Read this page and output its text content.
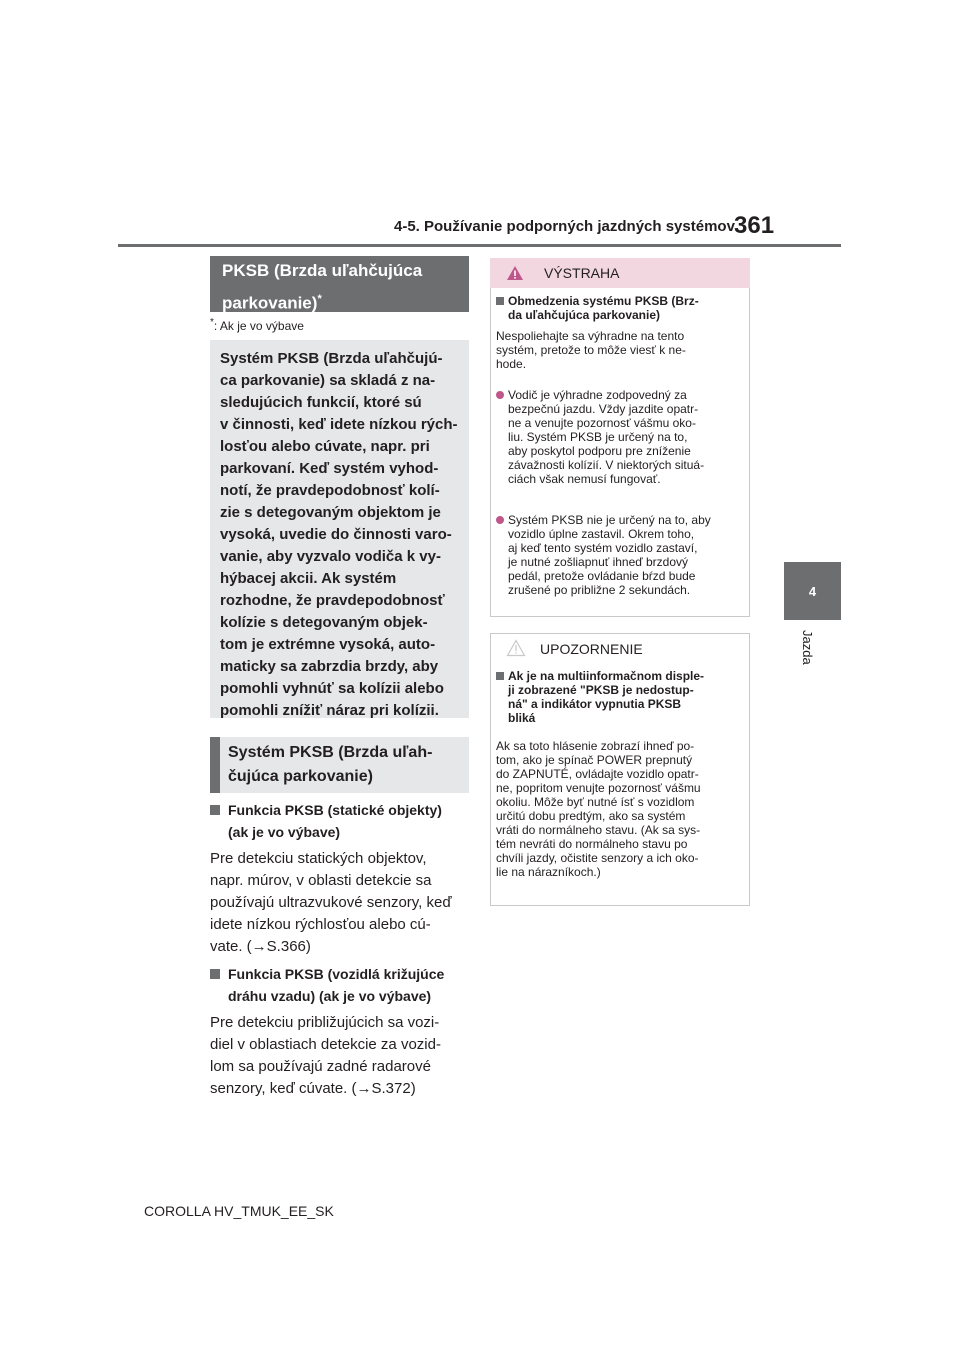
4-5. Používanie podporných jazdných systémov 361
4
Jazda
PKSB (Brzda uľahčujúca
parkovanie)*
*: Ak je vo výbave
Systém PKSB (Brzda uľahčujú-
ca parkovanie) sa skladá z na-
sledujúcich funkcií, ktoré sú
v činnosti, keď idete nízkou rých-
losťou alebo cúvate, napr. pri
parkovaní. Keď systém vyhod-
notí, že pravdepodobnosť kolí-
zie s detegovaným objektom je
vysoká, uvedie do činnosti varo-
vanie, aby vyzvalo vodiča k vy-
hýbacej akcii. Ak systém
rozhodne, že pravdepodobnosť
kolízie s detegovaným objek-
tom je extrémne vysoká, auto-
maticky sa zabrzdia brzdy, aby
pomohli vyhnúť sa kolízii alebo
pomohli znížiť náraz pri kolízii.
Systém PKSB (Brzda uľah-
čujúca parkovanie)
Funkcia PKSB (statické objekty)
(ak je vo výbave)
Pre detekciu statických objektov,
napr. múrov, v oblasti detekcie sa
používajú ultrazvukové senzory, keď
idete nízkou rýchlosťou alebo cú-
vate. (→S.366)
Funkcia PKSB (vozidlá križujúce
dráhu vzadu) (ak je vo výbave)
Pre detekciu približujúcich sa vozi-
diel v oblastiach detekcie za vozid-
lom sa používajú zadné radarové
senzory, keď cúvate. (→S.372)
VÝSTRAHA
Obmedzenia systému PKSB (Brz-
da uľahčujúca parkovanie)
Nespoliehajte sa výhradne na tento
systém, pretože to môže viesť k ne-
hode.
Vodič je výhradne zodpovedný za
bezpečnú jazdu. Vždy jazdite opatr-
ne a venujte pozornosť vášmu oko-
liu. Systém PKSB je určený na to,
aby poskytol podporu pre zníženie
závažnosti kolízií. V niektorých situá-
ciách však nemusí fungovať.
Systém PKSB nie je určený na to, aby
vozidlo úplne zastavil. Okrem toho,
aj keď tento systém vozidlo zastaví,
je nutné zošliapnuť ihneď brzdový
pedál, pretože ovládanie bŕzd bude
zrušené po približne 2 sekundách.
UPOZORNENIE
Ak je na multiinformačnom disple-
ji zobrazené "PKSB je nedostup-
ná" a indikátor vypnutia PKSB
bliká
Ak sa toto hlásenie zobrazí ihneď po-
tom, ako je spínač POWER prepnutý
do ZAPNUTÉ, ovládajte vozidlo opatr-
ne, popritom venujte pozornosť vášmu
okoliu. Môže byť nutné ísť s vozidlom
určitú dobu predtým, ako sa systém
vráti do normálneho stavu. (Ak sa sys-
tém nevráti do normálneho stavu po
chvíli jazdy, očistite senzory a ich oko-
lie na nárazníkoch.)
COROLLA HV_TMUK_EE_SK
